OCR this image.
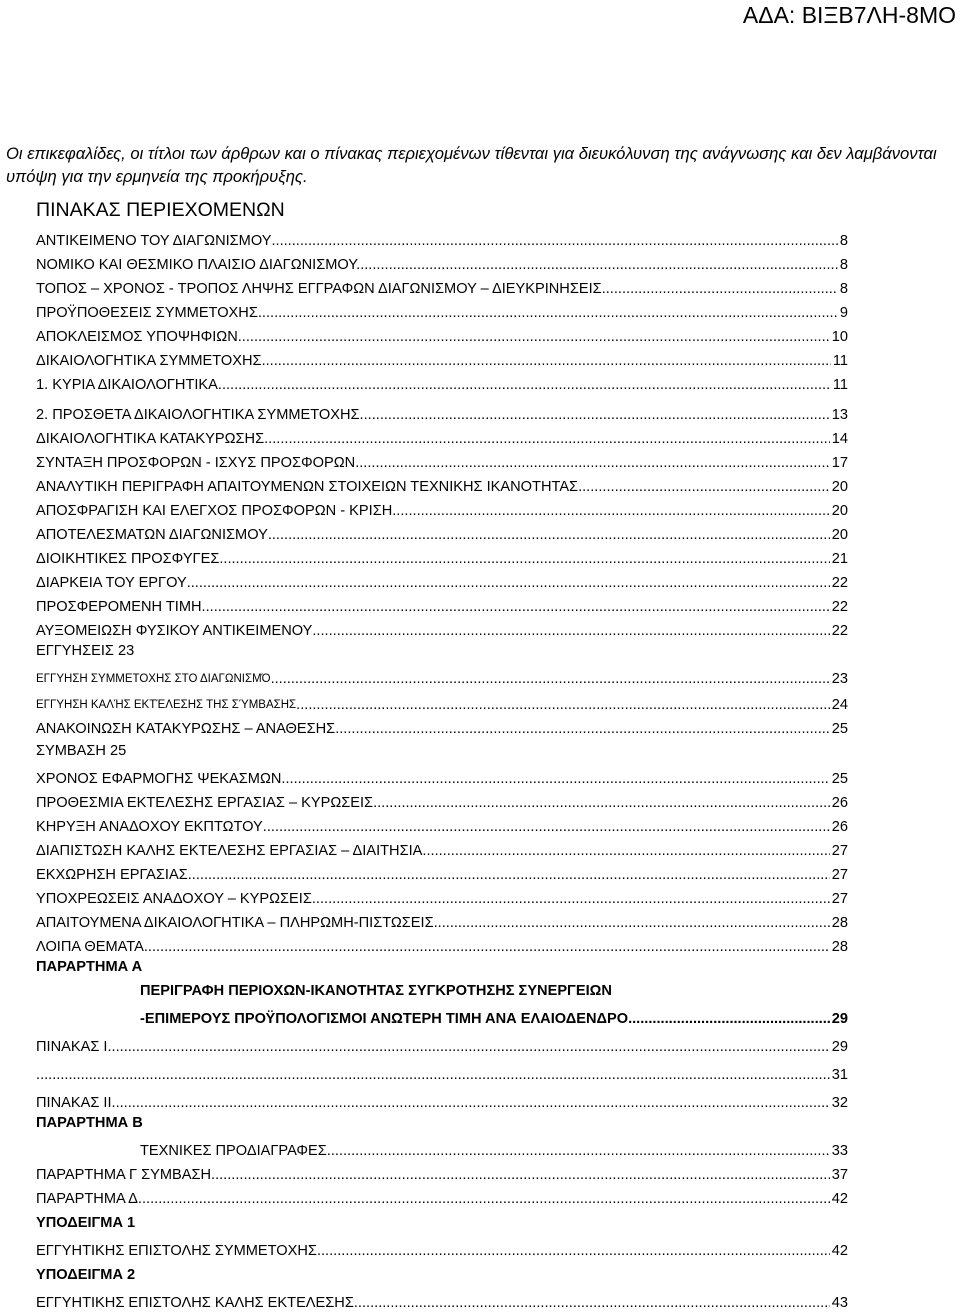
ΑΔΑ: ΒΙΞΒ7ΛΗ-8ΜΟ
Οι επικεφαλίδες, οι τίτλοι των άρθρων και ο πίνακας περιεχομένων τίθενται για διευκόλυνση της ανάγνωσης και δεν λαμβάνονται υπόψη για την ερμηνεία της προκήρυξης.
ΠΙΝΑΚΑΣ ΠΕΡΙΕΧΟΜΕΝΩΝ
ΑΝΤΙΚΕΙΜΕΝΟ ΤΟΥ ΔΙΑΓΩΝΙΣΜΟΥ .....	8
ΝΟΜΙΚΟ ΚΑΙ ΘΕΣΜΙΚΟ ΠΛΑΙΣΙΟ ΔΙΑΓΩΝΙΣΜΟΥ. .....	8
ΤΟΠΟΣ – ΧΡΟΝΟΣ - ΤΡΟΠΟΣ ΛΗΨΗΣ ΕΓΓΡΑΦΩΝ ΔΙΑΓΩΝΙΣΜΟΥ – ΔΙΕΥΚΡΙΝΗΣΕΙΣ .....	8
ΠΡΟΫΠΟΘΕΣΕΙΣ ΣΥΜΜΕΤΟΧΗΣ .....	9
ΑΠΟΚΛΕΙΣΜΟΣ ΥΠΟΨΗΦΙΩΝ .....	10
ΔΙΚΑΙΟΛΟΓΗΤΙΚΑ ΣΥΜΜΕΤΟΧΗΣ .....	11
1. ΚΥΡΙΑ ΔΙΚΑΙΟΛΟΓΗΤΙΚΑ. .....	11
2. ΠΡΟΣΘΕΤΑ ΔΙΚΑΙΟΛΟΓΗΤΙΚΑ ΣΥΜΜΕΤΟΧΗΣ .....	13
ΔΙΚΑΙΟΛΟΓΗΤΙΚΑ ΚΑΤΑΚΥΡΩΣΗΣ .....	14
ΣΥΝΤΑΞΗ ΠΡΟΣΦΟΡΩΝ - ΙΣΧΥΣ ΠΡΟΣΦΟΡΩΝ .....	17
ΑΝΑΛΥΤΙΚΗ ΠΕΡΙΓΡΑΦΗ ΑΠΑΙΤΟΥΜΕΝΩΝ ΣΤΟΙΧΕΙΩΝ ΤΕΧΝΙΚΗΣ ΙΚΑΝΟΤΗΤΑΣ .....	20
ΑΠΟΣΦΡΑΓΙΣΗ ΚΑΙ ΕΛΕΓΧΟΣ ΠΡΟΣΦΟΡΩΝ - ΚΡΙΣΗ .....	20
ΑΠΟΤΕΛΕΣΜΑΤΩΝ ΔΙΑΓΩΝΙΣΜΟΥ .....	20
ΔΙΟΙΚΗΤΙΚΕΣ ΠΡΟΣΦΥΓΕΣ .....	21
ΔΙΑΡΚΕΙΑ ΤΟΥ ΕΡΓΟΥ .....	22
ΠΡΟΣΦΕΡΟΜΕΝΗ ΤΙΜΗ .....	22
ΑΥΞΟΜΕΙΩΣΗ ΦΥΣΙΚΟΥ ΑΝΤΙΚΕΙΜΕΝΟΥ .....	22
ΕΓΓΥΗΣΕΙΣ 23
ΕΓΓΥΗΣΗ ΣΥΜΜΕΤΟΧΗΣ ΣΤΟ ΔΙΑΓΩΝΙΣΜΌ .....	23
ΕΓΓΥΗΣΗ ΚΑΛΉΣ ΕΚΤΈΛΕΣΗΣ ΤΗΣ ΣΎΜΒΑΣΗΣ .....	24
ΑΝΑΚΟΙΝΩΣΗ ΚΑΤΑΚΥΡΩΣΗΣ – ΑΝΑΘΕΣΗΣ .....	25
ΣΥΜΒΑΣΗ 25
ΧΡΟΝΟΣ ΕΦΑΡΜΟΓΗΣ ΨΕΚΑΣΜΩΝ .....	25
ΠΡΟΘΕΣΜΙΑ ΕΚΤΕΛΕΣΗΣ ΕΡΓΑΣΙΑΣ – ΚΥΡΩΣΕΙΣ .....	26
ΚΗΡΥΞΗ ΑΝΑΔΟΧΟΥ ΕΚΠΤΩΤΟΥ .....	26
ΔΙΑΠΙΣΤΩΣΗ ΚΑΛΗΣ ΕΚΤΕΛΕΣΗΣ ΕΡΓΑΣΙΑΣ – ΔΙΑΙΤΗΣΙΑ .....	27
ΕΚΧΩΡΗΣΗ ΕΡΓΑΣΙΑΣ .....	27
ΥΠΟΧΡΕΩΣΕΙΣ ΑΝΑΔΟΧΟΥ – ΚΥΡΩΣΕΙΣ .....	27
ΑΠΑΙΤΟΥΜΕΝΑ ΔΙΚΑΙΟΛΟΓΗΤΙΚΑ – ΠΛΗΡΩΜΗ-ΠΙΣΤΩΣΕΙΣ .....	28
ΛΟΙΠΑ ΘΕΜΑΤΑ. .....	28
ΠΑΡΑΡΤΗΜΑ Α
ΠΕΡΙΓΡΑΦΗ ΠΕΡΙΟΧΩΝ-ΙΚΑΝΟΤΗΤΑΣ ΣΥΓΚΡΟΤΗΣΗΣ ΣΥΝΕΡΓΕΙΩΝ
-ΕΠΙΜΕΡΟΥΣ ΠΡΟΫΠΟΛΟΓΙΣΜΟΙ ΑΝΩΤΕΡΗ ΤΙΜΗ ΑΝΑ ΕΛΑΙΟΔΕΝΔΡΟ .....	29
ΠΙΝΑΚΑΣ Ι. .....	29
. .....	31
ΠΙΝΑΚΑΣ ΙΙ. .....	32
ΠΑΡΑΡΤΗΜΑ Β
ΤΕΧΝΙΚΕΣ ΠΡΟΔΙΑΓΡΑΦΕΣ .....	33
ΠΑΡΑΡΤΗΜΑ Γ ΣΥΜΒΑΣΗ. .....	37
ΠΑΡΑΡΤΗΜΑ Δ. .....	42
ΥΠΟΔΕΙΓΜΑ 1
ΕΓΓΥΗΤΙΚΗΣ ΕΠΙΣΤΟΛΗΣ ΣΥΜΜΕΤΟΧΗΣ .....	42
ΥΠΟΔΕΙΓΜΑ 2
ΕΓΓΥΗΤΙΚΗΣ ΕΠΙΣΤΟΛΗΣ ΚΑΛΗΣ ΕΚΤΕΛΕΣΗΣ .....	43
